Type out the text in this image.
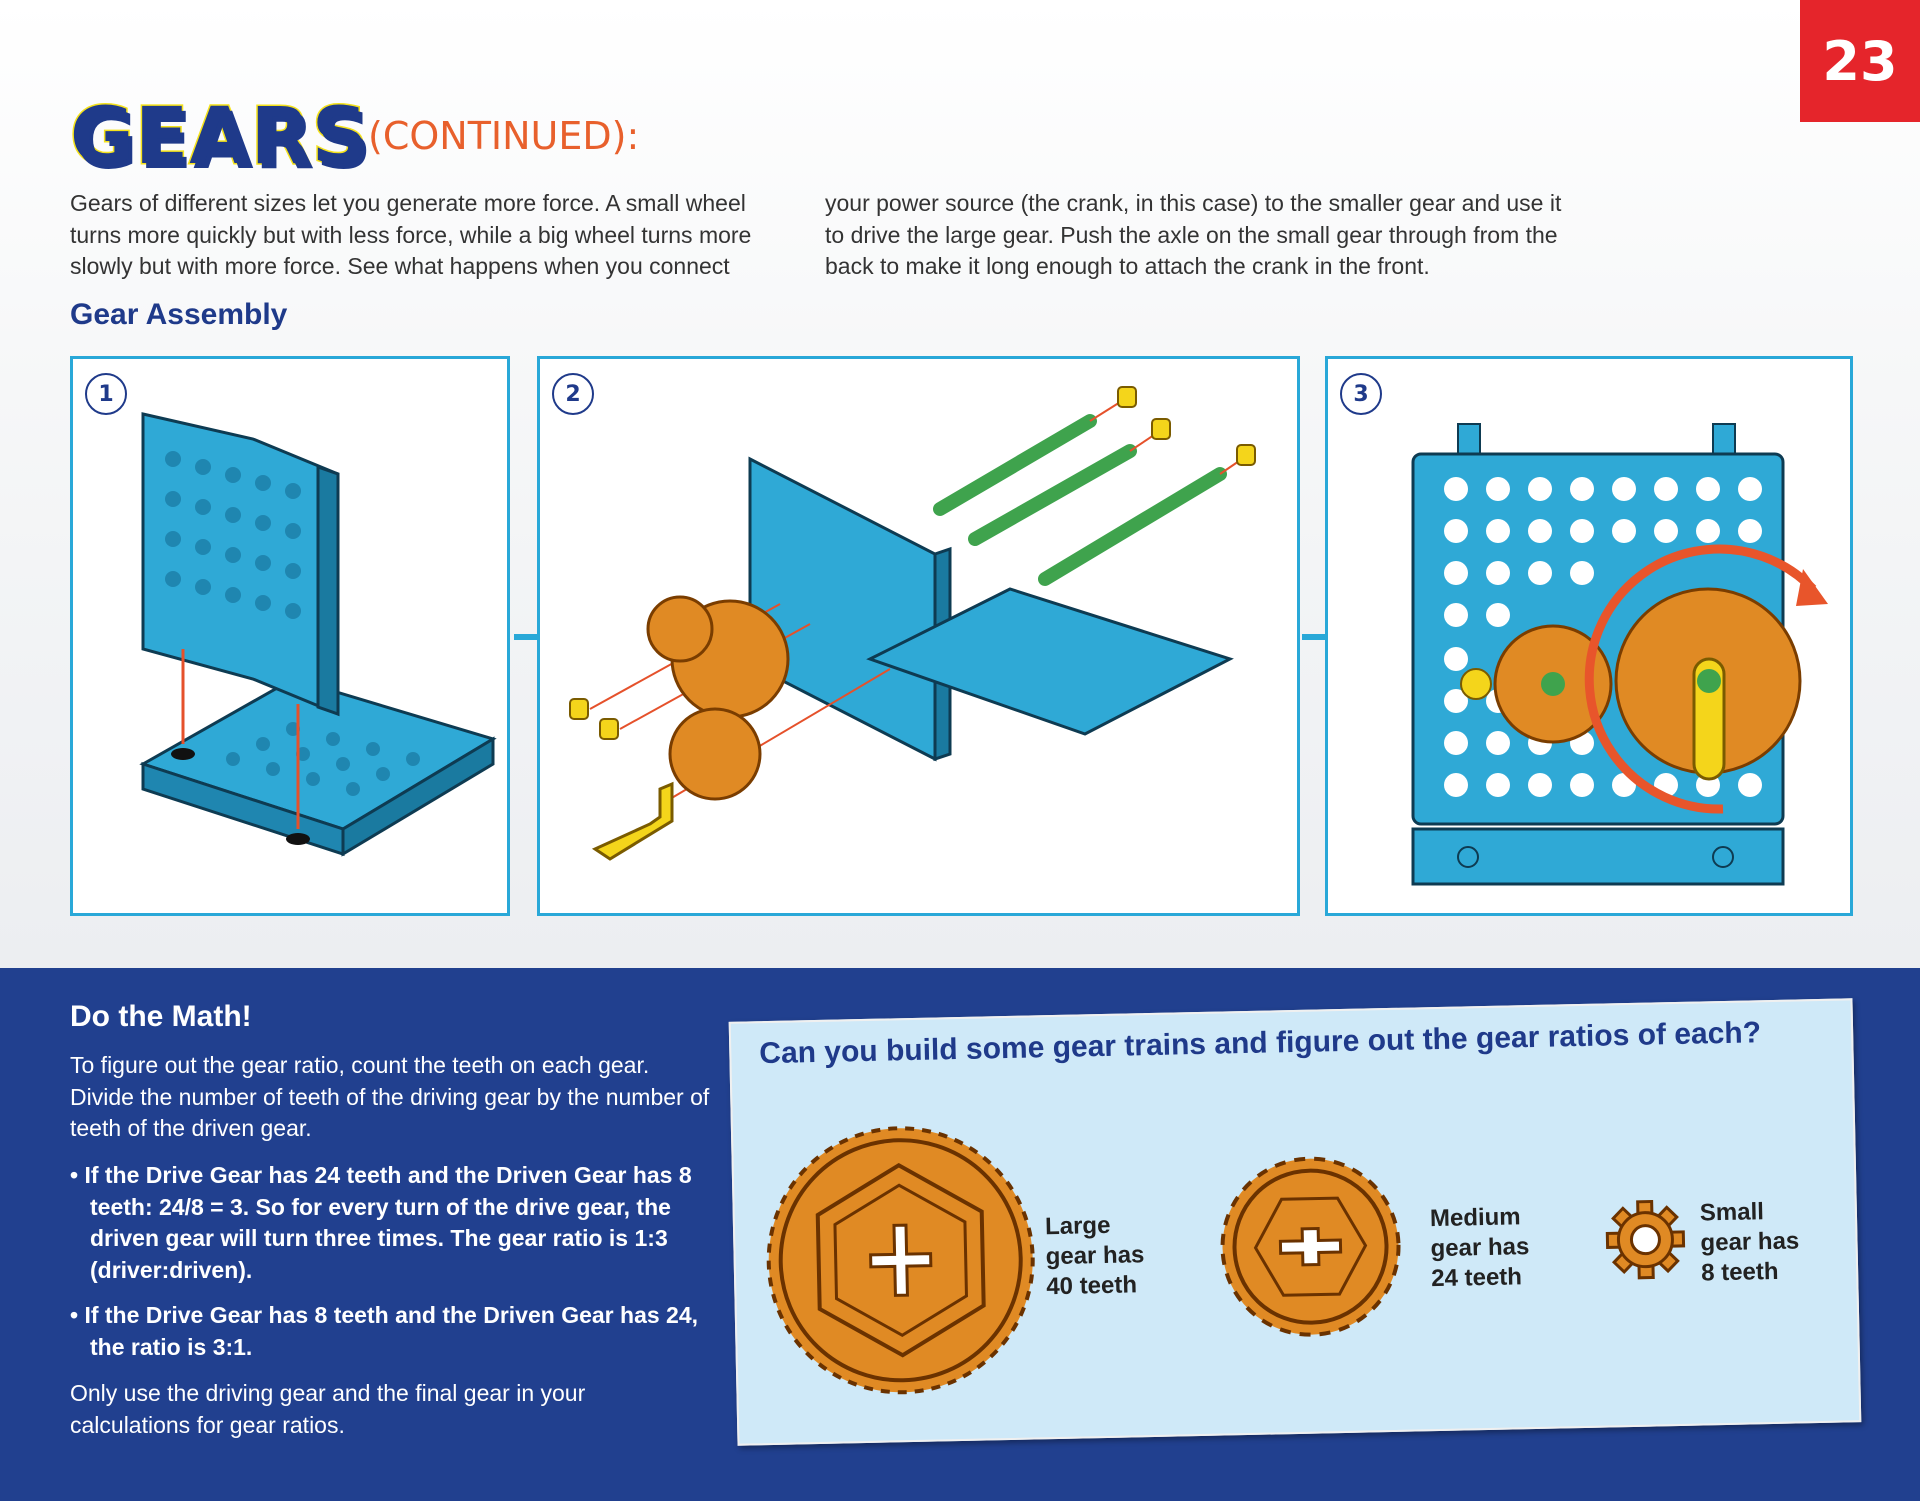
23
GEARS (CONTINUED):
Gears of different sizes let you generate more force. A small wheel turns more quickly but with less force, while a big wheel turns more slowly but with more force. See what happens when you connect
your power source (the crank, in this case) to the smaller gear and use it to drive the large gear. Push the axle on the small gear through from the back to make it long enough to attach the crank in the front.
Gear Assembly
1	2	3
Do the Math!
To figure out the gear ratio, count the teeth on each gear. Divide the number of teeth of the driving gear by the number of teeth of the driven gear.
• If the Drive Gear has 24 teeth and the Driven Gear has 8 teeth: 24/8 = 3. So for every turn of the drive gear, the driven gear will turn three times. The gear ratio is 1:3 (driver:driven).
• If the Drive Gear has 8 teeth and the Driven Gear has 24, the ratio is 3:1.
Only use the driving gear and the final gear in your calculations for gear ratios.
Can you build some gear trains and figure out the gear ratios of each?
Large
gear has
40 teeth
Medium
gear has
24 teeth
Small
gear has
8 teeth
